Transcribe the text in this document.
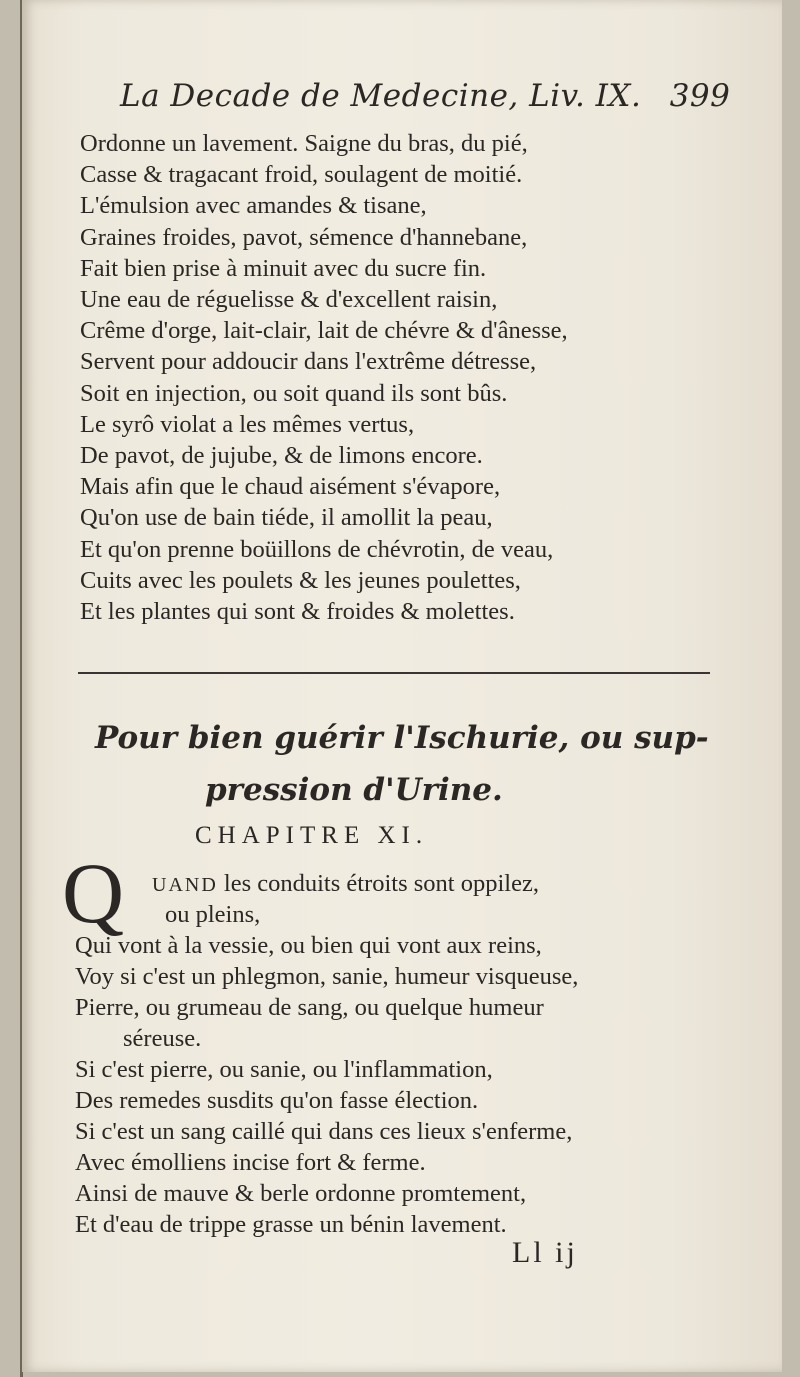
La Decade de Medecine, Liv. IX. 399
Ordonne un lavement. Saigne du bras, du pié,
Casse & tragacant froid, soulagent de moitié.
L'émulsion avec amandes & tisane,
Graines froides, pavot, sémence d'hannebane,
Fait bien prise à minuit avec du sucre fin.
Une eau de réguelisse & d'excellent raisin,
Crême d'orge, lait-clair, lait de chévre & d'ânesse,
Servent pour addoucir dans l'extrême détresse,
Soit en injection, ou soit quand ils sont bûs.
Le syrô violat a les mêmes vertus,
De pavot, de jujube, & de limons encore.
Mais afin que le chaud aisément s'évapore,
Qu'on use de bain tiéde, il amollit la peau,
Et qu'on prenne boüillons de chévrotin, de veau,
Cuits avec les poulets & les jeunes poulettes,
Et les plantes qui sont & froides & molettes.
Pour bien guérir l'Ischurie, ou sup-
pression d'Urine.
CHAPITRE XI.
Q UAND les conduits étroits sont oppilez,
ou pleins,
Qui vont à la vessie, ou bien qui vont aux reins,
Voy si c'est un phlegmon, sanie, humeur visqueuse,
Pierre, ou grumeau de sang, ou quelque humeur
séreuse.
Si c'est pierre, ou sanie, ou l'inflammation,
Des remedes susdits qu'on fasse élection.
Si c'est un sang caillé qui dans ces lieux s'enferme,
Avec émolliens incise fort & ferme.
Ainsi de mauve & berle ordonne promtement,
Et d'eau de trippe grasse un bénin lavement.
Ll ij
